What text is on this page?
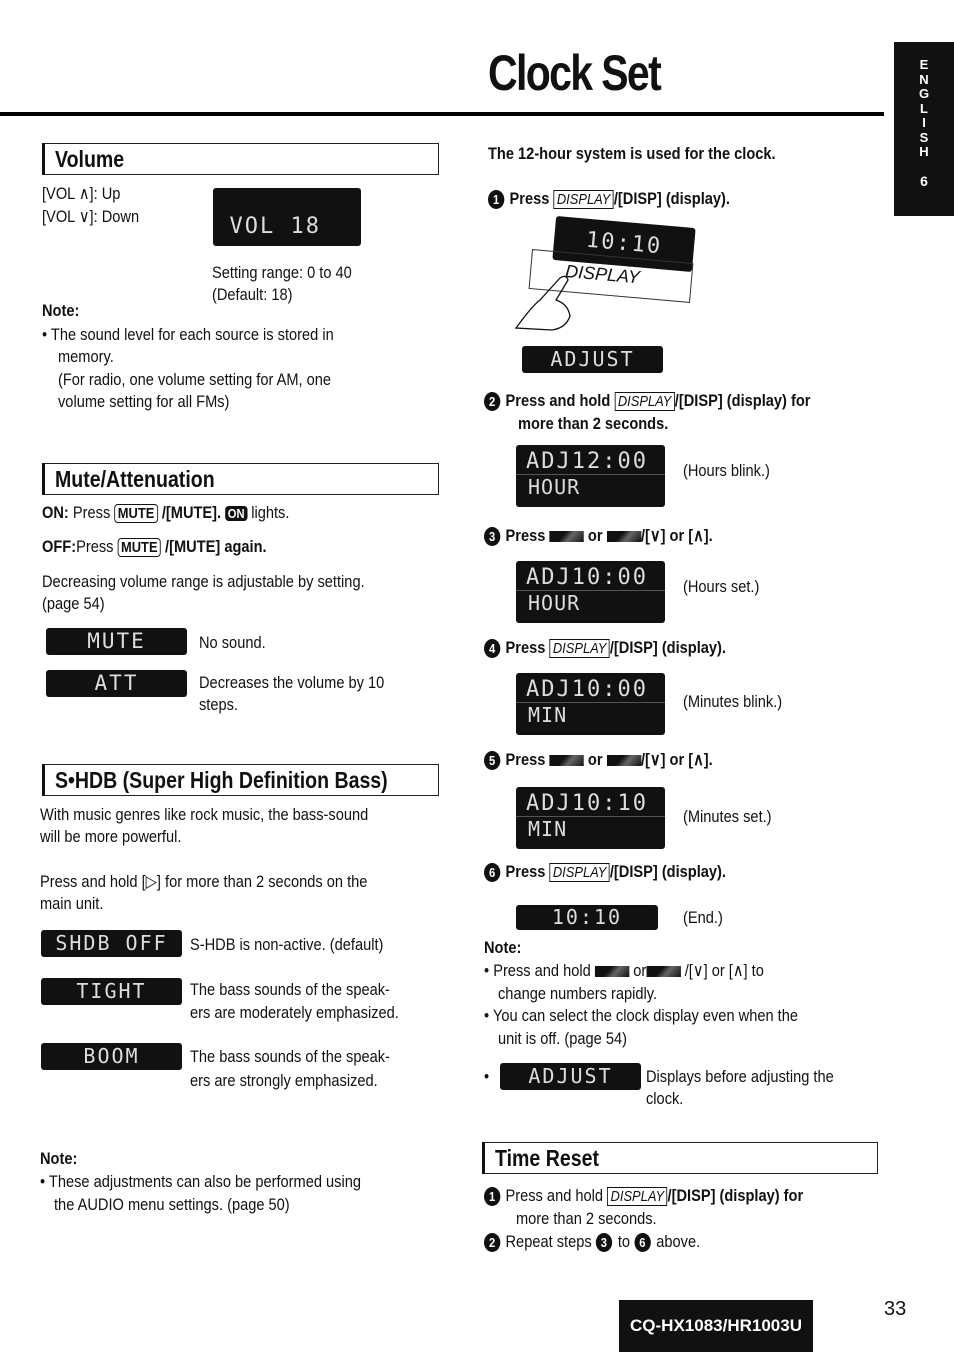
Clock Set	E
N
G
L
I
S
H
6
Volume
[VOL ∧]: Up
[VOL ∨]: Down	VOL 18
Setting range: 0 to 40
(Default: 18)
Note:
• The sound level for each source is stored in
memory.
(For radio, one volume setting for AM, one
volume setting for all FMs)
Mute/Attenuation
ON: Press MUTE /[MUTE]. ON lights.
OFF:Press MUTE /[MUTE] again.
Decreasing volume range is adjustable by setting.
(page 54)
MUTE	No sound.
ATT	Decreases the volume by 10
steps.
S•HDB (Super High Definition Bass)
With music genres like rock music, the bass-sound
will be more powerful.
Press and hold [▷] for more than 2 seconds on the
main unit.
SHDB OFF	S-HDB is non-active. (default)
TIGHT	The bass sounds of the speak-
ers are moderately emphasized.
BOOM	The bass sounds of the speak-
ers are strongly emphasized.
Note:
• These adjustments can also be performed using
the AUDIO menu settings. (page 50)
The 12-hour system is used for the clock.
1 Press DISPLAY /[DISP] (display).
10:10
DISPLAY
ADJUST
2 Press and hold DISPLAY /[DISP] (display) for
more than 2 seconds.
ADJ12:00
HOUR
(Hours blink.)
3 Press	or /[∨] or [∧].
ADJ10:00
HOUR
(Hours set.)
4 Press DISPLAY /[DISP] (display).
ADJ10:00
MIN
(Minutes blink.)
5 Press	or /[∨] or [∧].
ADJ10:10
MIN
(Minutes set.)
6 Press DISPLAY /[DISP] (display).
10:10	(End.)
Note:
• Press and hold	or /[∨] or [∧] to
change numbers rapidly.
• You can select the clock display even when the
unit is off. (page 54)
•	ADJUST	Displays before adjusting the
clock.
Time Reset
1 Press and hold DISPLAY /[DISP] (display) for
more than 2 seconds.
2 Repeat steps 3 to 6 above.
CQ-HX1083/HR1003U
33
